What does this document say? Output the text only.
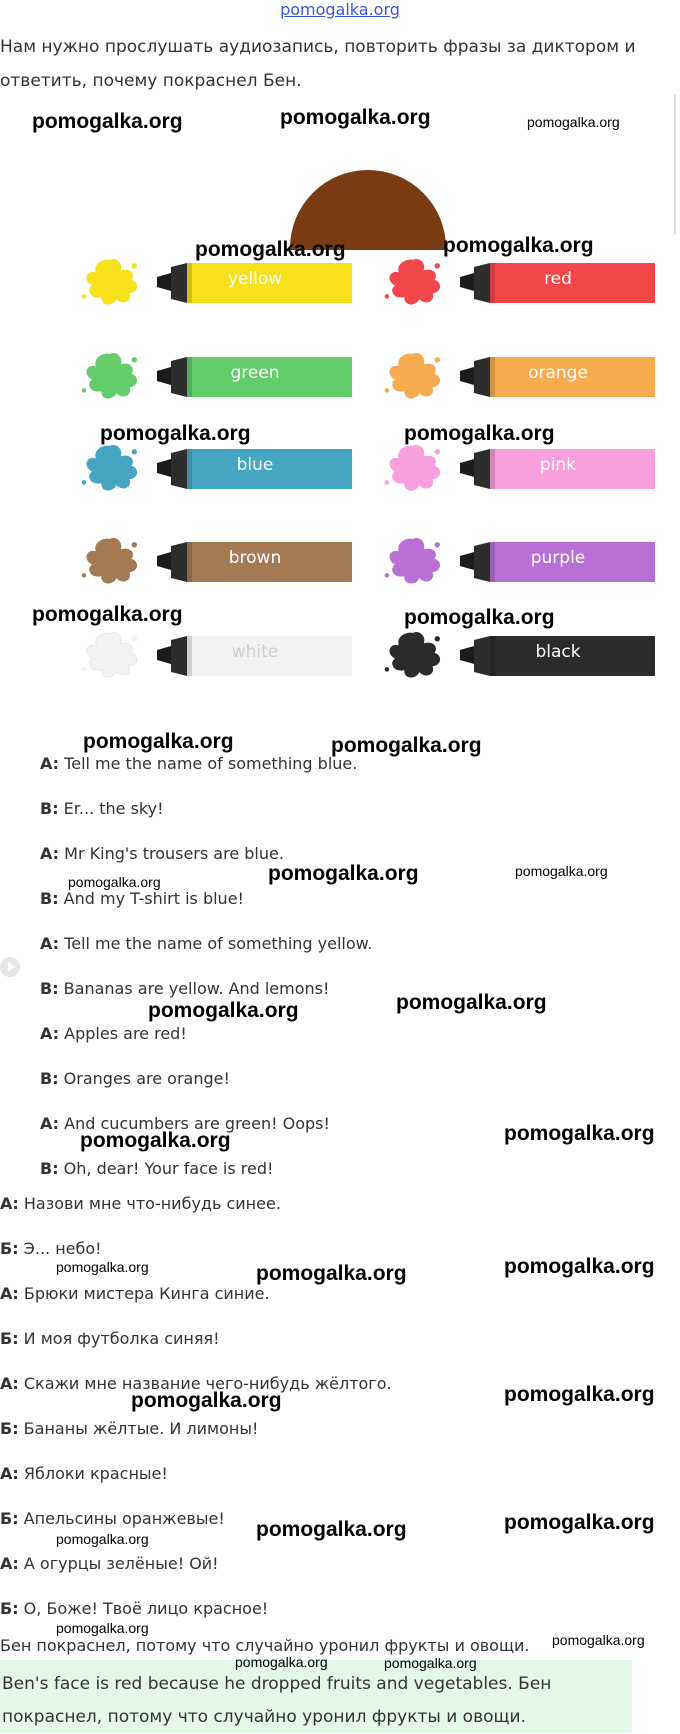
pomogalka.org
Нам нужно прослушать аудиозапись, повторить фразы за диктором и ответить, почему покраснел Бен.
yellow	red
green	orange
blue	pink
brown	purple
white	black
A: Tell me the name of something blue.
B: Er... the sky!
A: Mr King's trousers are blue.
B: And my T-shirt is blue!
A: Tell me the name of something yellow.
B: Bananas are yellow. And lemons!
A: Apples are red!
B: Oranges are orange!
A: And cucumbers are green! Oops!
B: Oh, dear! Your face is red!
А: Назови мне что-нибудь синее.
Б: Э... небо!
А: Брюки мистера Кинга синие.
Б: И моя футболка синяя!
А: Скажи мне название чего-нибудь жёлтого.
Б: Бананы жёлтые. И лимоны!
А: Яблоки красные!
Б: Апельсины оранжевые!
А: А огурцы зелёные! Ой!
Б: О, Боже! Твоё лицо красное!
Бен покраснел, потому что случайно уронил фрукты и овощи.
Ben's face is red because he dropped fruits and vegetables. Бен покраснел, потому что случайно уронил фрукты и овощи.
pomogalka.org	pomogalka.org	pomogalka.org
pomogalka.org	pomogalka.org
pomogalka.org	pomogalka.org
pomogalka.org	pomogalka.org
pomogalka.org	pomogalka.org
pomogalka.org	pomogalka.org	pomogalka.org
pomogalka.org	pomogalka.org
pomogalka.org	pomogalka.org
pomogalka.org	pomogalka.org	pomogalka.org
pomogalka.org	pomogalka.org
pomogalka.org	pomogalka.org	pomogalka.org
pomogalka.org
pomogalka.org
pomogalka.org	pomogalka.org
